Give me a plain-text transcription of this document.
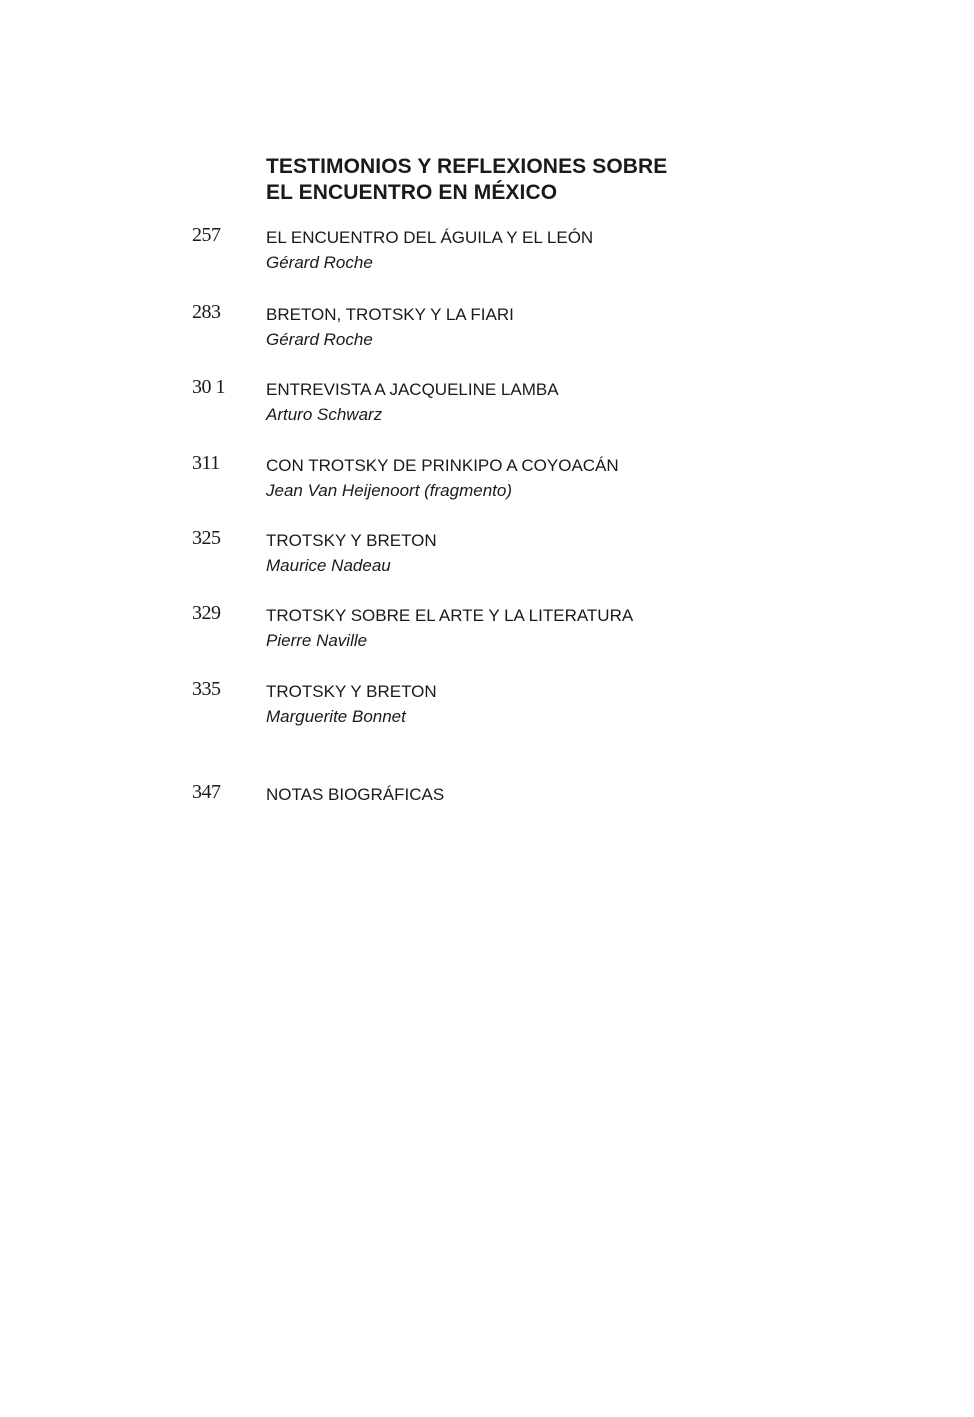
TESTIMONIOS Y REFLEXIONES SOBRE
EL ENCUENTRO EN MÉXICO
257	EL ENCUENTRO DEL ÁGUILA Y EL LEÓN
Gérard Roche
283	BRETON, TROTSKY Y LA FIARI
Gérard Roche
30 1 ENTREVISTA A JACQUELINE LAMBA
Arturo Schwarz
311	CON TROTSKY DE PRINKIPO A COYOACÁN
Jean Van Heijenoort (fragmento)
325	TROTSKY Y BRETON
Maurice Nadeau
329	TROTSKY SOBRE EL ARTE Y LA LITERATURA
Pierre Naville
335	TROTSKY Y BRETON
Marguerite Bonnet
347	NOTAS BIOGRÁFICAS
